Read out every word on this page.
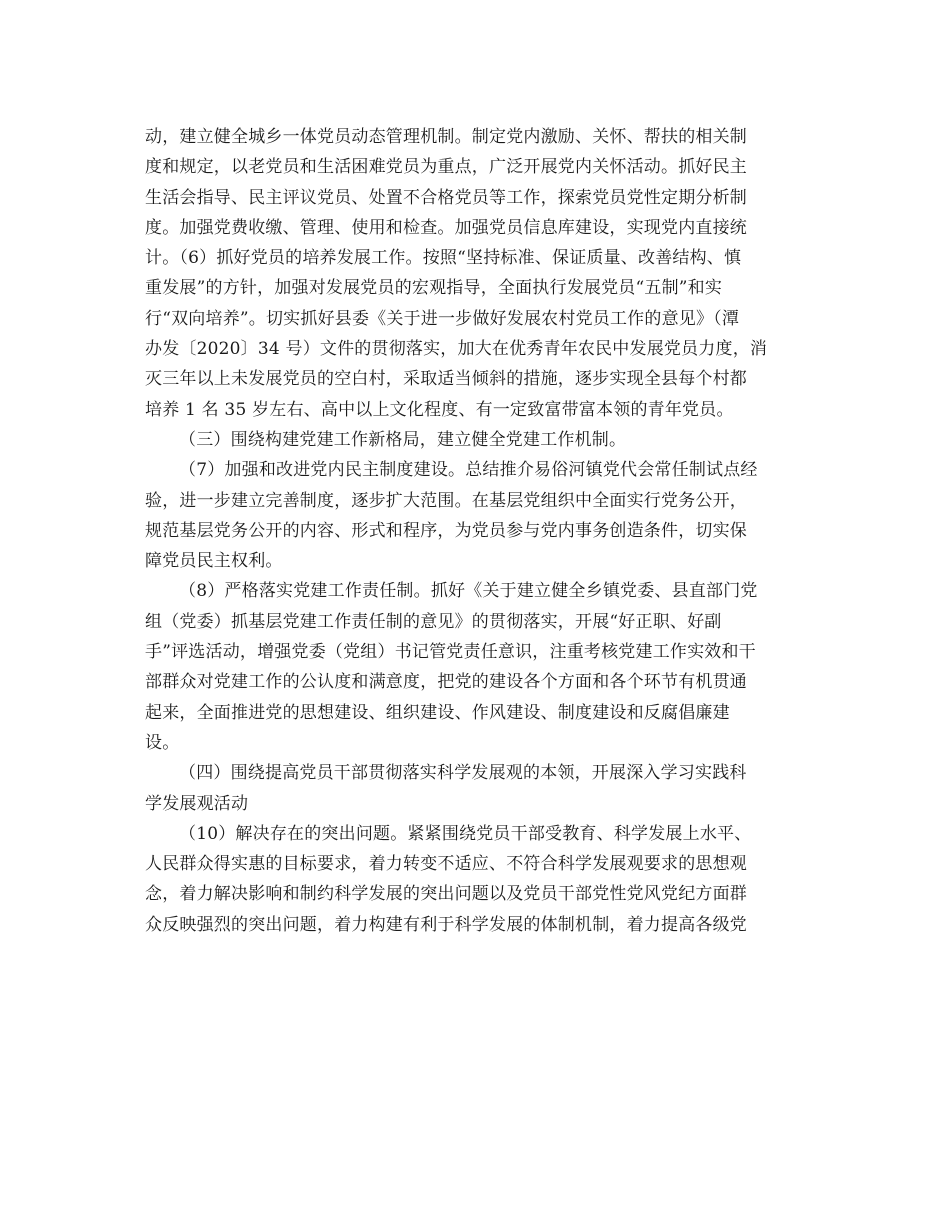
动，建立健全城乡一体党员动态管理机制。制定党内激励、关怀、帮扶的相关制
度和规定，以老党员和生活困难党员为重点，广泛开展党内关怀活动。抓好民主
生活会指导、民主评议党员、处置不合格党员等工作，探索党员党性定期分析制
度。加强党费收缴、管理、使用和检查。加强党员信息库建设，实现党内直接统
计。（6）抓好党员的培养发展工作。按照“坚持标准、保证质量、改善结构、慎
重发展”的方针，加强对发展党员的宏观指导，全面执行发展党员“五制”和实
行“双向培养”。切实抓好县委《关于进一步做好发展农村党员工作的意见》（潭
办发〔2020〕34 号）文件的贯彻落实，加大在优秀青年农民中发展党员力度，消
灭三年以上未发展党员的空白村，采取适当倾斜的措施，逐步实现全县每个村都
培养 1 名 35 岁左右、高中以上文化程度、有一定致富带富本领的青年党员。
（三）围绕构建党建工作新格局，建立健全党建工作机制。
（7）加强和改进党内民主制度建设。总结推介易俗河镇党代会常任制试点经
验，进一步建立完善制度，逐步扩大范围。在基层党组织中全面实行党务公开，
规范基层党务公开的内容、形式和程序，为党员参与党内事务创造条件，切实保
障党员民主权利。
（8）严格落实党建工作责任制。抓好《关于建立健全乡镇党委、县直部门党
组（党委）抓基层党建工作责任制的意见》的贯彻落实，开展“好正职、好副
手”评选活动，增强党委（党组）书记管党责任意识，注重考核党建工作实效和干
部群众对党建工作的公认度和满意度，把党的建设各个方面和各个环节有机贯通
起来，全面推进党的思想建设、组织建设、作风建设、制度建设和反腐倡廉建
设。
（四）围绕提高党员干部贯彻落实科学发展观的本领，开展深入学习实践科
学发展观活动
（10）解决存在的突出问题。紧紧围绕党员干部受教育、科学发展上水平、
人民群众得实惠的目标要求，着力转变不适应、不符合科学发展观要求的思想观
念，着力解决影响和制约科学发展的突出问题以及党员干部党性党风党纪方面群
众反映强烈的突出问题，着力构建有利于科学发展的体制机制，着力提高各级党
